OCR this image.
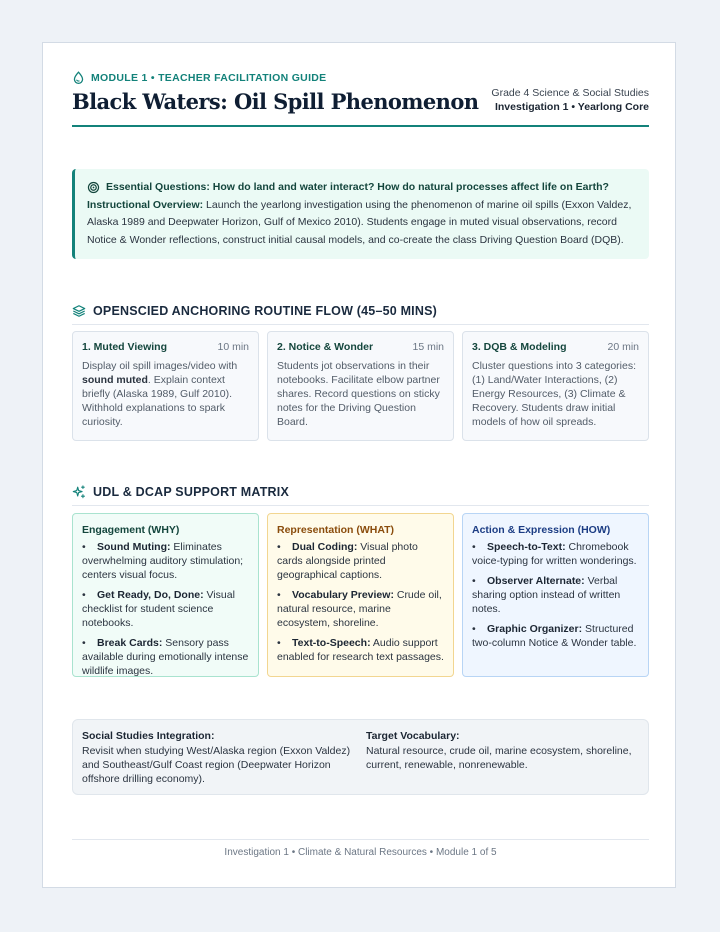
MODULE 1 • TEACHER FACILITATION GUIDE
Black Waters: Oil Spill Phenomenon Grade 4 Science & Social Studies
Investigation 1 • Yearlong Core
Essential Questions: How do land and water interact? How do natural processes affect life on Earth?
Instructional Overview: Launch the yearlong investigation using the phenomenon of marine oil spills (Exxon Valdez, Alaska 1989 and Deepwater Horizon, Gulf of Mexico 2010). Students engage in muted visual observations, record Notice & Wonder reflections, construct initial causal models, and co-create the class Driving Question Board (DQB).
OPENSCIED ANCHORING ROUTINE FLOW (45–50 MINS)
1. Muted Viewing	10 min
Display oil spill images/video with sound muted. Explain context briefly (Alaska 1989, Gulf 2010). Withhold explanations to spark curiosity.
2. Notice & Wonder	15 min
Students jot observations in their notebooks. Facilitate elbow partner shares. Record questions on sticky notes for the Driving Question Board.
3. DQB & Modeling	20 min
Cluster questions into 3 categories: (1) Land/Water Interactions, (2) Energy Resources, (3) Climate & Recovery. Students draw initial models of how oil spreads.
UDL & DCAP SUPPORT MATRIX
Engagement (WHY)
• Sound Muting: Eliminates overwhelming auditory stimulation; centers visual focus.
• Get Ready, Do, Done: Visual checklist for student science notebooks.
• Break Cards: Sensory pass available during emotionally intense wildlife images.
Representation (WHAT)
• Dual Coding: Visual photo cards alongside printed geographical captions.
• Vocabulary Preview: Crude oil, natural resource, marine ecosystem, shoreline.
• Text-to-Speech: Audio support enabled for research text passages.
Action & Expression (HOW)
• Speech-to-Text: Chromebook voice-typing for written wonderings.
• Observer Alternate: Verbal sharing option instead of written notes.
• Graphic Organizer: Structured two-column Notice & Wonder table.
Social Studies Integration:
Revisit when studying West/Alaska region (Exxon Valdez) and Southeast/Gulf Coast region (Deepwater Horizon offshore drilling economy).
Target Vocabulary:
Natural resource, crude oil, marine ecosystem, shoreline, current, renewable, nonrenewable.
Investigation 1 • Climate & Natural Resources • Module 1 of 5
